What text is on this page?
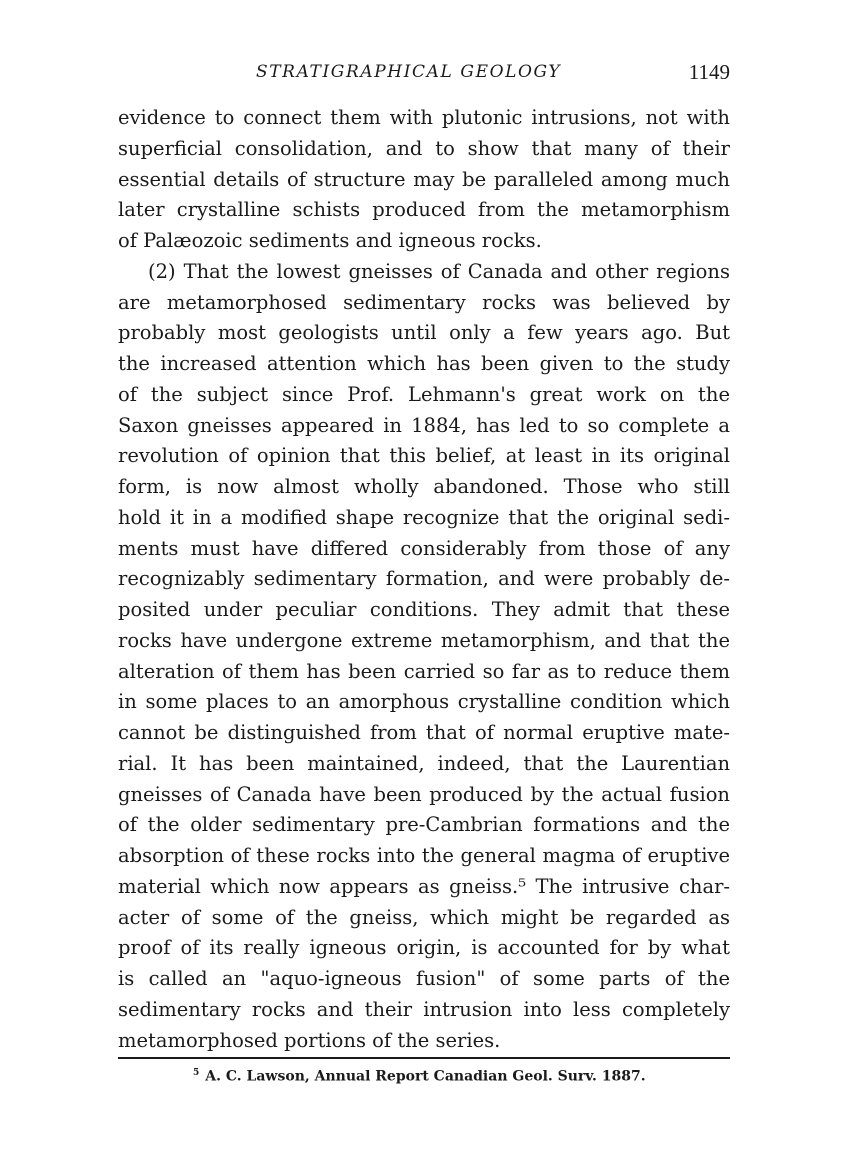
STRATIGRAPHICAL GEOLOGY	1149
evidence to connect them with plutonic intrusions, not with
superficial consolidation, and to show that many of their
essential details of structure may be paralleled among much
later crystalline schists produced from the metamorphism
of Palæozoic sediments and igneous rocks.
(2) That the lowest gneisses of Canada and other regions
are metamorphosed sedimentary rocks was believed by
probably most geologists until only a few years ago. But
the increased attention which has been given to the study
of the subject since Prof. Lehmann's great work on the
Saxon gneisses appeared in 1884, has led to so complete a
revolution of opinion that this belief, at least in its original
form, is now almost wholly abandoned. Those who still
hold it in a modified shape recognize that the original sedi-
ments must have differed considerably from those of any
recognizably sedimentary formation, and were probably de-
posited under peculiar conditions. They admit that these
rocks have undergone extreme metamorphism, and that the
alteration of them has been carried so far as to reduce them
in some places to an amorphous crystalline condition which
cannot be distinguished from that of normal eruptive mate-
rial. It has been maintained, indeed, that the Laurentian
gneisses of Canada have been produced by the actual fusion
of the older sedimentary pre-Cambrian formations and the
absorption of these rocks into the general magma of eruptive
material which now appears as gneiss.⁵ The intrusive char-
acter of some of the gneiss, which might be regarded as
proof of its really igneous origin, is accounted for by what
is called an "aquo-igneous fusion" of some parts of the
sedimentary rocks and their intrusion into less completely
metamorphosed portions of the series.
$^5$ A. C. Lawson, Annual Report Canadian Geol. Surv. 1887.
